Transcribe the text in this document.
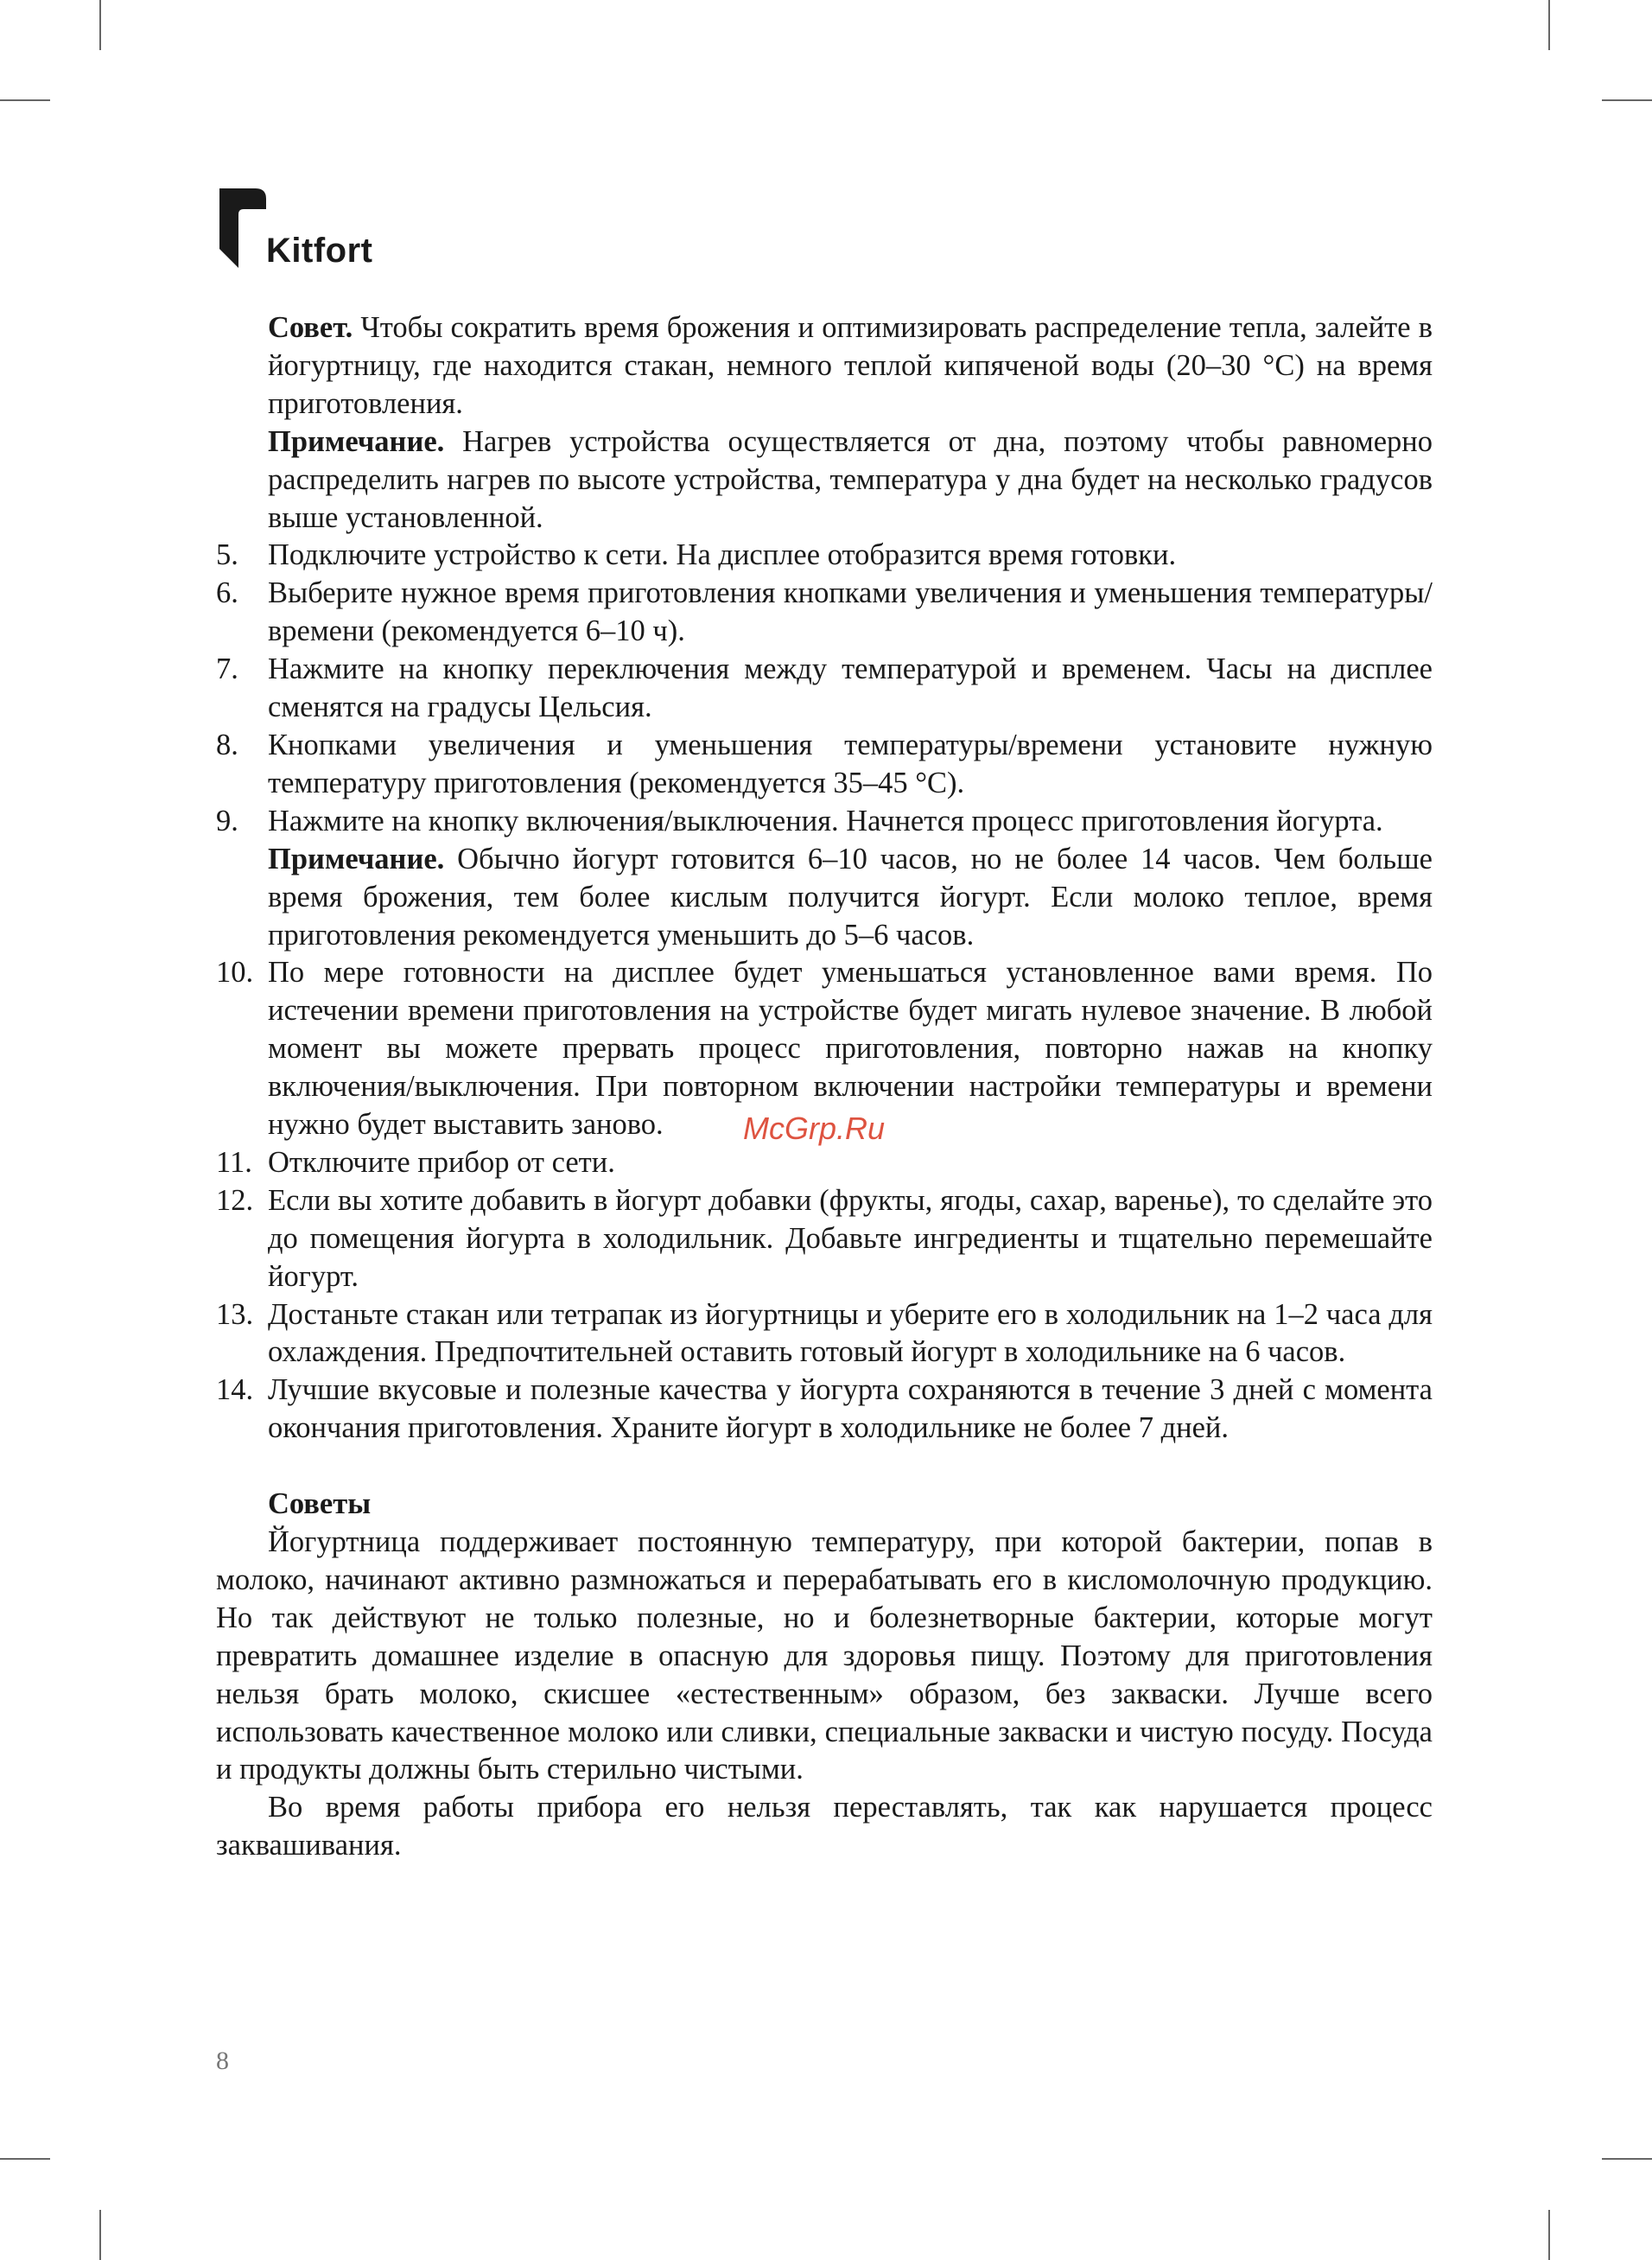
Kitfort

Совет. Чтобы сократить время брожения и оптимизировать распределение тепла, залейте в йогуртницу, где находится стакан, немного теплой кипяченой воды (20–30 °C) на время приготовления.

Примечание. Нагрев устройства осуществляется от дна, поэтому чтобы равномерно распределить нагрев по высоте устройства, температура у дна будет на несколько градусов выше установленной.

5. Подключите устройство к сети. На дисплее отобразится время готовки.
6. Выберите нужное время приготовления кнопками увеличения и уменьшения температуры/времени (рекомендуется 6–10 ч).
7. Нажмите на кнопку переключения между температурой и временем. Часы на дисплее сменятся на градусы Цельсия.
8. Кнопками увеличения и уменьшения температуры/времени установите нужную температуру приготовления (рекомендуется 35–45 °C).
9. Нажмите на кнопку включения/выключения. Начнется процесс приготовления йогурта.

Примечание. Обычно йогурт готовится 6–10 часов, но не более 14 часов. Чем больше время брожения, тем более кислым получится йогурт. Если молоко теплое, время приготовления рекомендуется уменьшить до 5–6 часов.

10. По мере готовности на дисплее будет уменьшаться установленное вами время. По истечении времени приготовления на устройстве будет мигать нулевое значение. В любой момент вы можете прервать процесс приготовления, повторно нажав на кнопку включения/выключения. При повторном включении настройки температуры и времени нужно будет выставить заново.
11. Отключите прибор от сети.
12. Если вы хотите добавить в йогурт добавки (фрукты, ягоды, сахар, варенье), то сделайте это до помещения йогурта в холодильник. Добавьте ингредиенты и тщательно перемешайте йогурт.
13. Достаньте стакан или тетрапак из йогуртницы и уберите его в холодильник на 1–2 часа для охлаждения. Предпочтительней оставить готовый йогурт в холодильнике на 6 часов.
14. Лучшие вкусовые и полезные качества у йогурта сохраняются в течение 3 дней с момента окончания приготовления. Храните йогурт в холодильнике не более 7 дней.

Советы

Йогуртница поддерживает постоянную температуру, при которой бактерии, попав в молоко, начинают активно размножаться и перерабатывать его в кисломолочную продукцию. Но так действуют не только полезные, но и болезнетворные бактерии, которые могут превратить домашнее изделие в опасную для здоровья пищу. Поэтому для приготовления нельзя брать молоко, скисшее «естественным» образом, без закваски. Лучше всего использовать качественное молоко или сливки, специальные закваски и чистую посуду. Посуда и продукты должны быть стерильно чистыми.

Во время работы прибора его нельзя переставлять, так как нарушается процесс заквашивания.

McGrp.Ru
8
